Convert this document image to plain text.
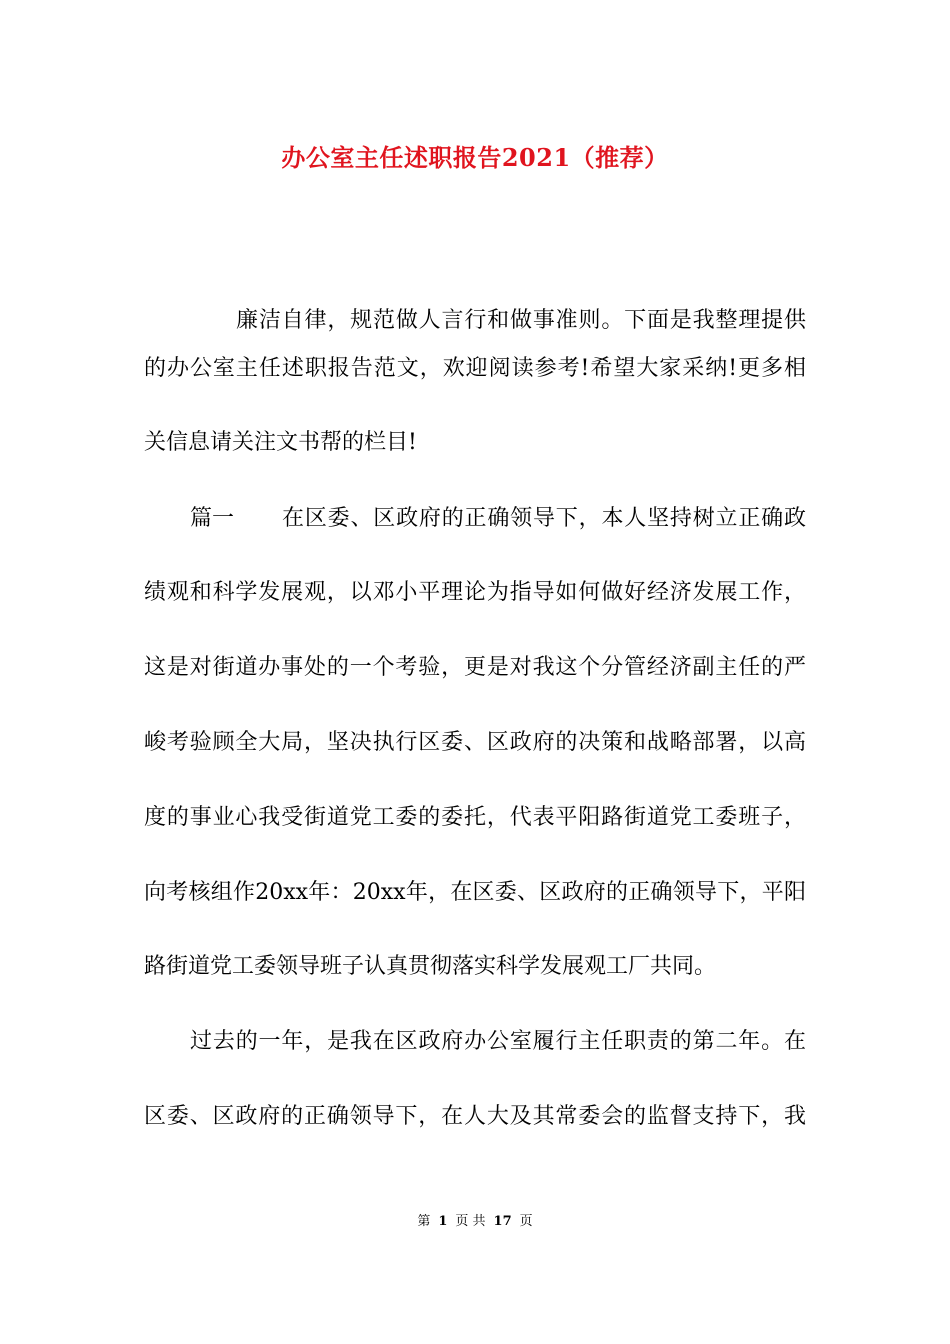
办公室主任述职报告2021（推荐）
廉洁自律，规范做人言行和做事准则。下面是我整理提供
的办公室主任述职报告范文，欢迎阅读参考!希望大家采纳!更多相
关信息请关注文书帮的栏目!
篇一 在区委、区政府的正确领导下，本人坚持树立正确政
绩观和科学发展观，以邓小平理论为指导如何做好经济发展工作，
这是对街道办事处的一个考验，更是对我这个分管经济副主任的严
峻考验顾全大局，坚决执行区委、区政府的决策和战略部署，以高
度的事业心我受街道党工委的委托，代表平阳路街道党工委班子，
向考核组作20xx年：20xx年，在区委、区政府的正确领导下，平阳
路街道党工委领导班子认真贯彻落实科学发展观工厂共同。
过去的一年，是我在区政府办公室履行主任职责的第二年。在
区委、区政府的正确领导下，在人大及其常委会的监督支持下，我
第 1 页 共 17 页
